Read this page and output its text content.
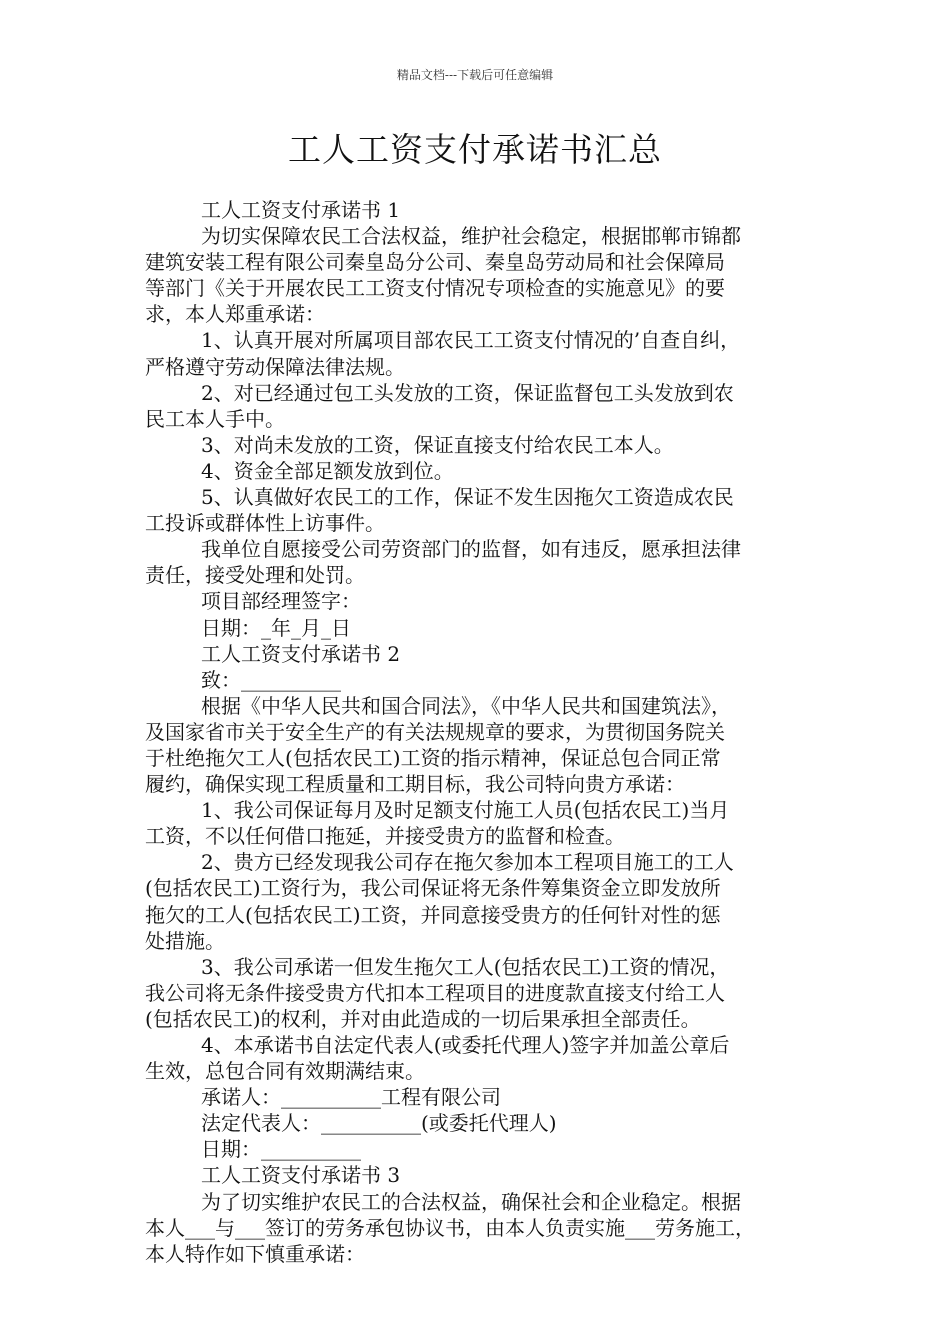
精品文档---下载后可任意编辑
工人工资支付承诺书汇总
工人工资支付承诺书 1
为切实保障农民工合法权益，维护社会稳定，根据邯郸市锦都
建筑安装工程有限公司秦皇岛分公司、秦皇岛劳动局和社会保障局
等部门《关于开展农民工工资支付情况专项检查的实施意见》的要
求，本人郑重承诺：
1、认真开展对所属项目部农民工工资支付情况的’自查自纠，
严格遵守劳动保障法律法规。
2、对已经通过包工头发放的工资，保证监督包工头发放到农
民工本人手中。
3、对尚未发放的工资，保证直接支付给农民工本人。
4、资金全部足额发放到位。
5、认真做好农民工的工作，保证不发生因拖欠工资造成农民
工投诉或群体性上访事件。
我单位自愿接受公司劳资部门的监督，如有违反，愿承担法律
责任，接受处理和处罚。
项目部经理签字：
日期：_年_月_日
工人工资支付承诺书 2
致：__________
根据《中华人民共和国合同法》，《中华人民共和国建筑法》，
及国家省市关于安全生产的有关法规规章的要求，为贯彻国务院关
于杜绝拖欠工人(包括农民工)工资的指示精神，保证总包合同正常
履约，确保实现工程质量和工期目标，我公司特向贵方承诺：
1、我公司保证每月及时足额支付施工人员(包括农民工)当月
工资，不以任何借口拖延，并接受贵方的监督和检查。
2、贵方已经发现我公司存在拖欠参加本工程项目施工的工人
(包括农民工)工资行为，我公司保证将无条件筹集资金立即发放所
拖欠的工人(包括农民工)工资，并同意接受贵方的任何针对性的惩
处措施。
3、我公司承诺一但发生拖欠工人(包括农民工)工资的情况，
我公司将无条件接受贵方代扣本工程项目的进度款直接支付给工人
(包括农民工)的权利，并对由此造成的一切后果承担全部责任。
4、本承诺书自法定代表人(或委托代理人)签字并加盖公章后
生效，总包合同有效期满结束。
承诺人：__________工程有限公司
法定代表人：__________(或委托代理人)
日期：__________
工人工资支付承诺书 3
为了切实维护农民工的合法权益，确保社会和企业稳定。根据
本人___与___签订的劳务承包协议书，由本人负责实施___劳务施工，
本人特作如下慎重承诺：
